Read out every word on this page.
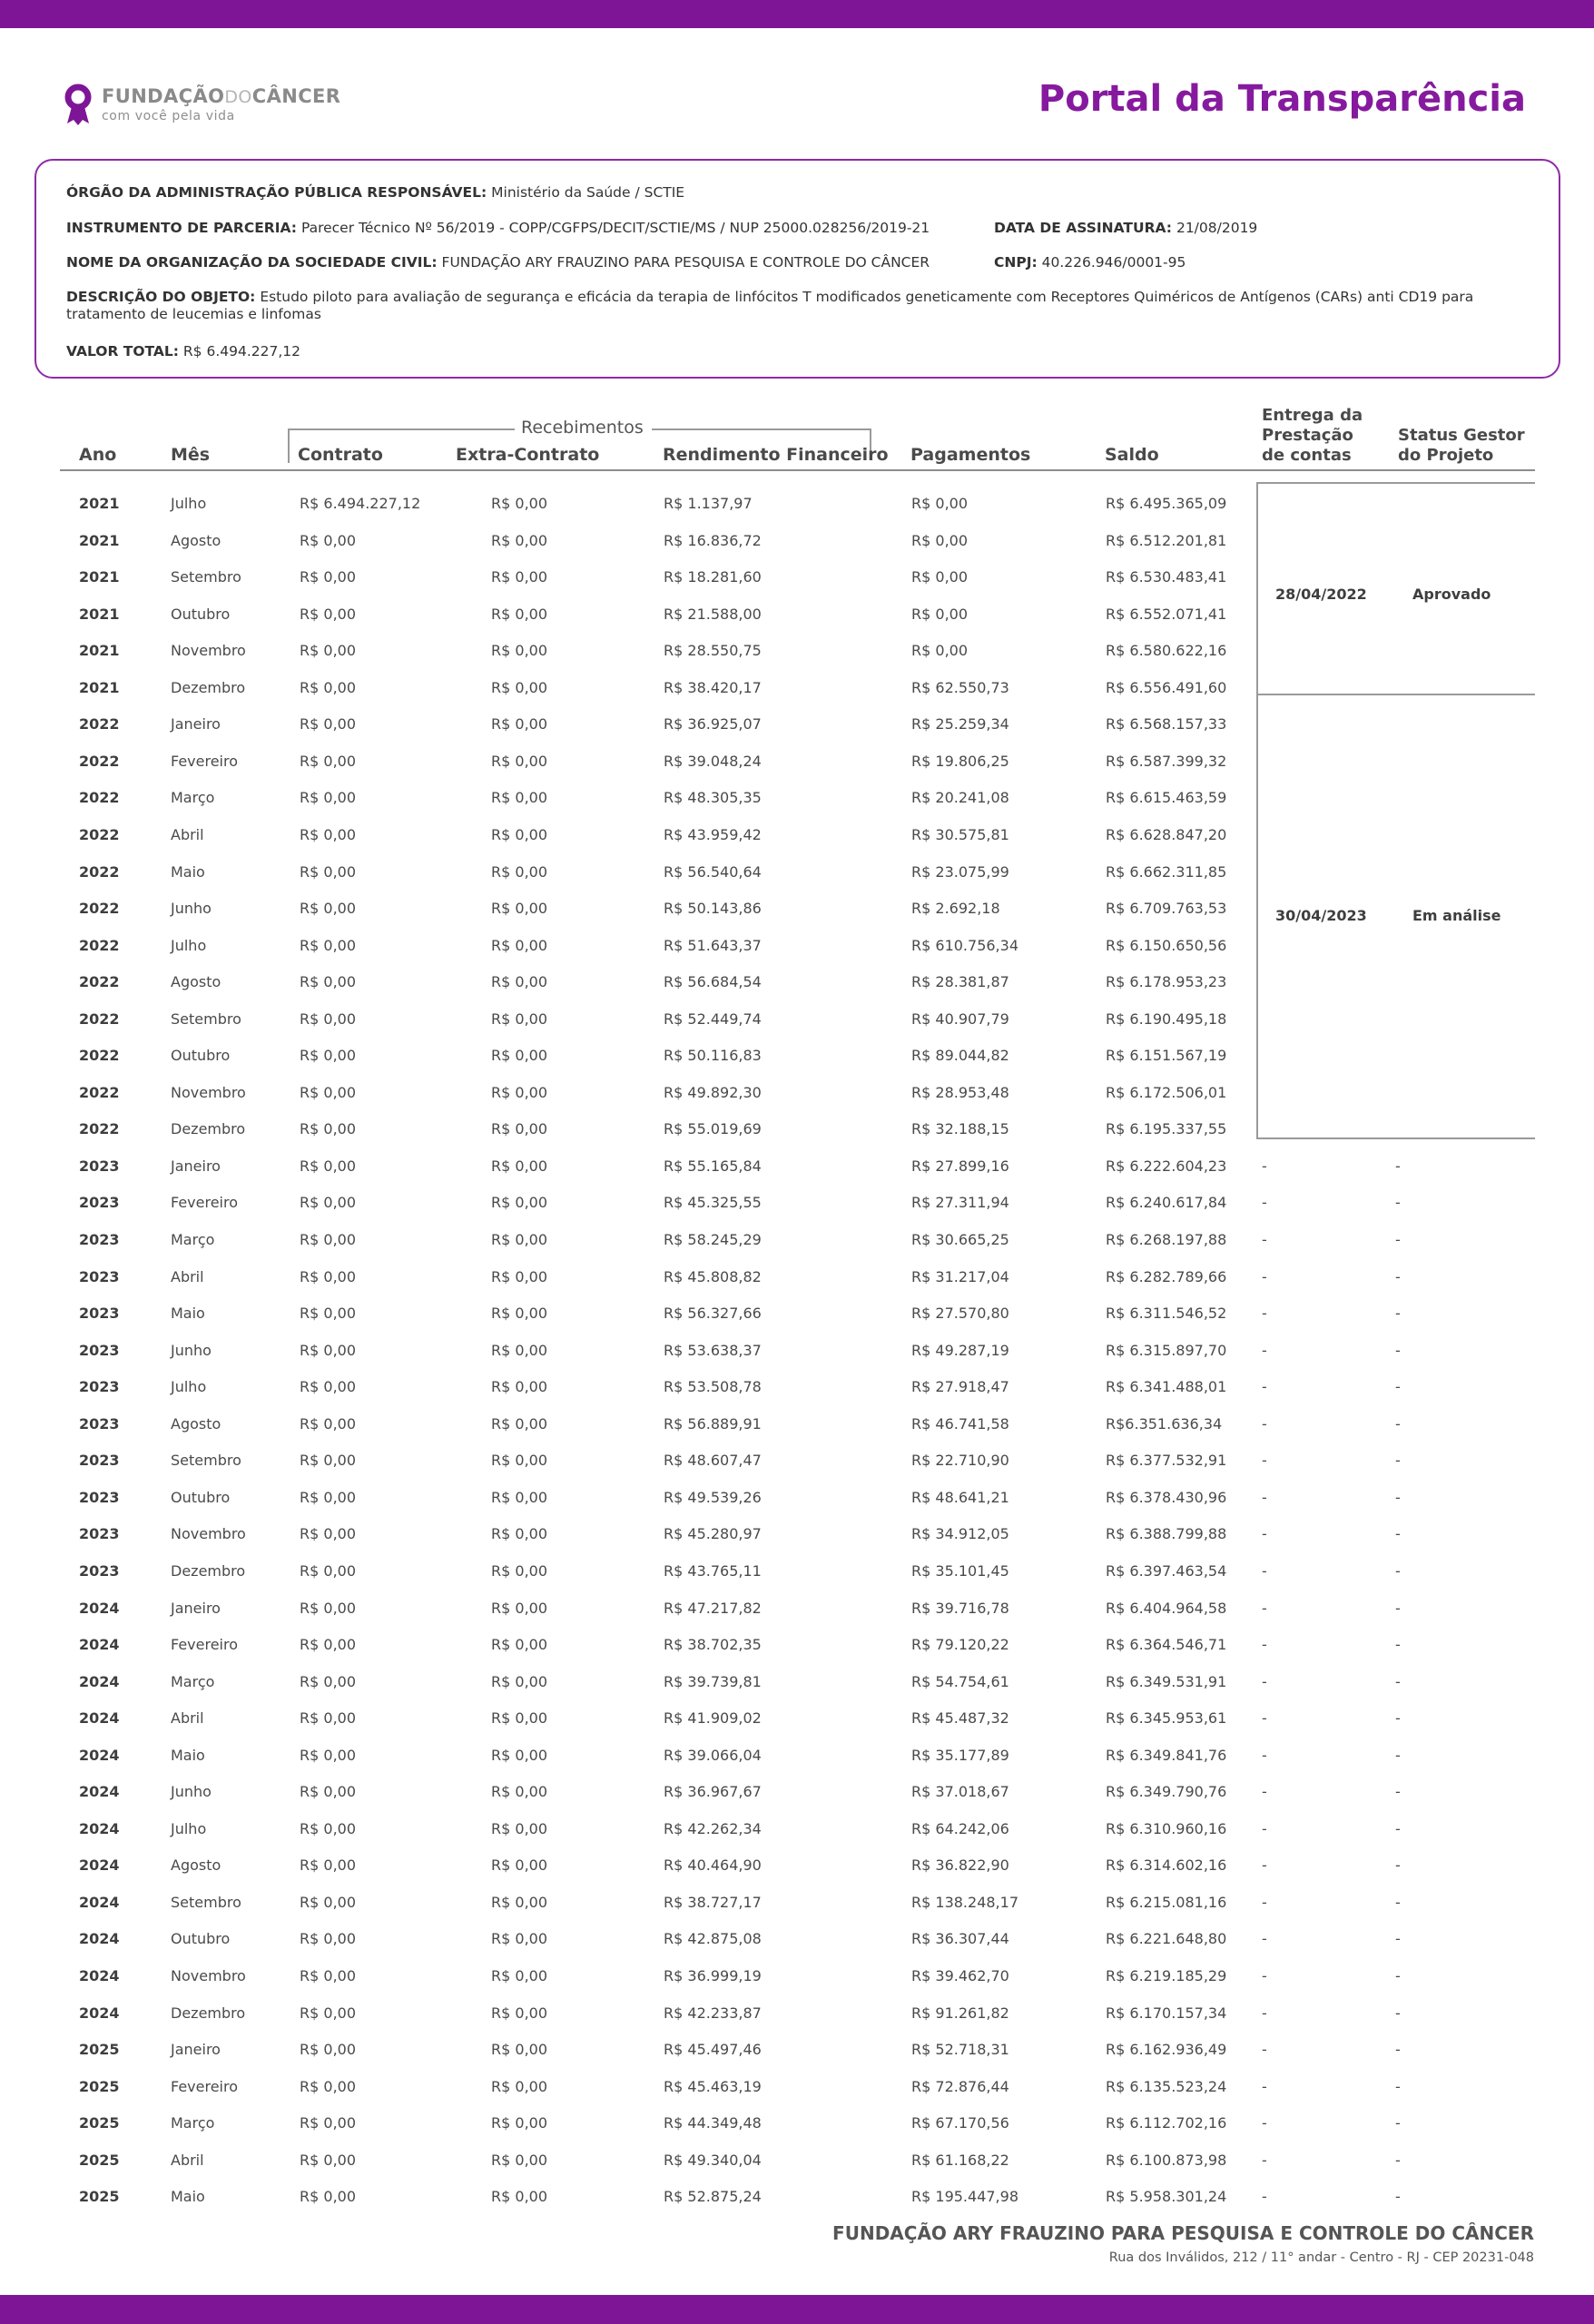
FUNDAÇÃODOCÂNCER
com você pela vida	Portal da Transparência
ÓRGÃO DA ADMINISTRAÇÃO PÚBLICA RESPONSÁVEL: Ministério da Saúde / SCTIE
INSTRUMENTO DE PARCERIA: Parecer Técnico Nº 56/2019 - COPP/CGFPS/DECIT/SCTIE/MS / NUP 25000.028256/2019-21	DATA DE ASSINATURA: 21/08/2019
NOME DA ORGANIZAÇÃO DA SOCIEDADE CIVIL: FUNDAÇÃO ARY FRAUZINO PARA PESQUISA E CONTROLE DO CÂNCER	CNPJ: 40.226.946/0001-95
DESCRIÇÃO DO OBJETO: Estudo piloto para avaliação de segurança e eficácia da terapia de linfócitos T modificados geneticamente com Receptores Quiméricos de Antígenos (CARs) anti CD19 para tratamento de leucemias e linfomas
VALOR TOTAL: R$ 6.494.227,12
Recebimentos
Ano	Mês	Contrato	Extra-Contrato	Rendimento Financeiro Pagamentos	Saldo
Entrega da Prestação de contas
Status Gestor do Projeto
28/04/2022	Aprovado
30/04/2023	Em análise
2021	Julho	R$ 6.494.227,12	R$ 0,00	R$ 1.137,97	R$ 0,00	R$ 6.495.365,09
2021	Agosto	R$ 0,00	R$ 0,00	R$ 16.836,72	R$ 0,00	R$ 6.512.201,81
2021	Setembro	R$ 0,00	R$ 0,00	R$ 18.281,60	R$ 0,00	R$ 6.530.483,41
2021	Outubro	R$ 0,00	R$ 0,00	R$ 21.588,00	R$ 0,00	R$ 6.552.071,41
2021	Novembro	R$ 0,00	R$ 0,00	R$ 28.550,75	R$ 0,00	R$ 6.580.622,16
2021	Dezembro	R$ 0,00	R$ 0,00	R$ 38.420,17	R$ 62.550,73	R$ 6.556.491,60
2022	Janeiro	R$ 0,00	R$ 0,00	R$ 36.925,07	R$ 25.259,34	R$ 6.568.157,33
2022	Fevereiro	R$ 0,00	R$ 0,00	R$ 39.048,24	R$ 19.806,25	R$ 6.587.399,32
2022	Março	R$ 0,00	R$ 0,00	R$ 48.305,35	R$ 20.241,08	R$ 6.615.463,59
2022	Abril	R$ 0,00	R$ 0,00	R$ 43.959,42	R$ 30.575,81	R$ 6.628.847,20
2022	Maio	R$ 0,00	R$ 0,00	R$ 56.540,64	R$ 23.075,99	R$ 6.662.311,85
2022	Junho	R$ 0,00	R$ 0,00	R$ 50.143,86	R$ 2.692,18	R$ 6.709.763,53
2022	Julho	R$ 0,00	R$ 0,00	R$ 51.643,37	R$ 610.756,34	R$ 6.150.650,56
2022	Agosto	R$ 0,00	R$ 0,00	R$ 56.684,54	R$ 28.381,87	R$ 6.178.953,23
2022	Setembro	R$ 0,00	R$ 0,00	R$ 52.449,74	R$ 40.907,79	R$ 6.190.495,18
2022	Outubro	R$ 0,00	R$ 0,00	R$ 50.116,83	R$ 89.044,82	R$ 6.151.567,19
2022	Novembro	R$ 0,00	R$ 0,00	R$ 49.892,30	R$ 28.953,48	R$ 6.172.506,01
2022	Dezembro	R$ 0,00	R$ 0,00	R$ 55.019,69	R$ 32.188,15	R$ 6.195.337,55
2023	Janeiro	R$ 0,00	R$ 0,00	R$ 55.165,84	R$ 27.899,16	R$ 6.222.604,23 -	-
2023	Fevereiro	R$ 0,00	R$ 0,00	R$ 45.325,55	R$ 27.311,94	R$ 6.240.617,84 -	-
2023	Março	R$ 0,00	R$ 0,00	R$ 58.245,29	R$ 30.665,25	R$ 6.268.197,88 -	-
2023	Abril	R$ 0,00	R$ 0,00	R$ 45.808,82	R$ 31.217,04	R$ 6.282.789,66 -	-
2023	Maio	R$ 0,00	R$ 0,00	R$ 56.327,66	R$ 27.570,80	R$ 6.311.546,52 -	-
2023	Junho	R$ 0,00	R$ 0,00	R$ 53.638,37	R$ 49.287,19	R$ 6.315.897,70 -	-
2023	Julho	R$ 0,00	R$ 0,00	R$ 53.508,78	R$ 27.918,47	R$ 6.341.488,01 -	-
2023	Agosto	R$ 0,00	R$ 0,00	R$ 56.889,91	R$ 46.741,58	R$6.351.636,34	-	-
2023	Setembro	R$ 0,00	R$ 0,00	R$ 48.607,47	R$ 22.710,90	R$ 6.377.532,91 -	-
2023	Outubro	R$ 0,00	R$ 0,00	R$ 49.539,26	R$ 48.641,21	R$ 6.378.430,96 -	-
2023	Novembro	R$ 0,00	R$ 0,00	R$ 45.280,97	R$ 34.912,05	R$ 6.388.799,88 -	-
2023	Dezembro	R$ 0,00	R$ 0,00	R$ 43.765,11	R$ 35.101,45	R$ 6.397.463,54 -	-
2024	Janeiro	R$ 0,00	R$ 0,00	R$ 47.217,82	R$ 39.716,78	R$ 6.404.964,58 -	-
2024	Fevereiro	R$ 0,00	R$ 0,00	R$ 38.702,35	R$ 79.120,22	R$ 6.364.546,71 -	-
2024	Março	R$ 0,00	R$ 0,00	R$ 39.739,81	R$ 54.754,61	R$ 6.349.531,91 -	-
2024	Abril	R$ 0,00	R$ 0,00	R$ 41.909,02	R$ 45.487,32	R$ 6.345.953,61 -	-
2024	Maio	R$ 0,00	R$ 0,00	R$ 39.066,04	R$ 35.177,89	R$ 6.349.841,76 -	-
2024	Junho	R$ 0,00	R$ 0,00	R$ 36.967,67	R$ 37.018,67	R$ 6.349.790,76 -	-
2024	Julho	R$ 0,00	R$ 0,00	R$ 42.262,34	R$ 64.242,06	R$ 6.310.960,16 -	-
2024	Agosto	R$ 0,00	R$ 0,00	R$ 40.464,90	R$ 36.822,90	R$ 6.314.602,16 -	-
2024	Setembro	R$ 0,00	R$ 0,00	R$ 38.727,17	R$ 138.248,17	R$ 6.215.081,16 -	-
2024	Outubro	R$ 0,00	R$ 0,00	R$ 42.875,08	R$ 36.307,44	R$ 6.221.648,80 -	-
2024	Novembro	R$ 0,00	R$ 0,00	R$ 36.999,19	R$ 39.462,70	R$ 6.219.185,29 -	-
2024	Dezembro	R$ 0,00	R$ 0,00	R$ 42.233,87	R$ 91.261,82	R$ 6.170.157,34 -	-
2025	Janeiro	R$ 0,00	R$ 0,00	R$ 45.497,46	R$ 52.718,31	R$ 6.162.936,49 -	-
2025	Fevereiro	R$ 0,00	R$ 0,00	R$ 45.463,19	R$ 72.876,44	R$ 6.135.523,24 -	-
2025	Março	R$ 0,00	R$ 0,00	R$ 44.349,48	R$ 67.170,56	R$ 6.112.702,16 -	-
2025	Abril	R$ 0,00	R$ 0,00	R$ 49.340,04	R$ 61.168,22	R$ 6.100.873,98 -	-
2025	Maio	R$ 0,00	R$ 0,00	R$ 52.875,24	R$ 195.447,98	R$ 5.958.301,24 -	-
FUNDAÇÃO ARY FRAUZINO PARA PESQUISA E CONTROLE DO CÂNCER
Rua dos Inválidos, 212 / 11° andar - Centro - RJ - CEP 20231-048
